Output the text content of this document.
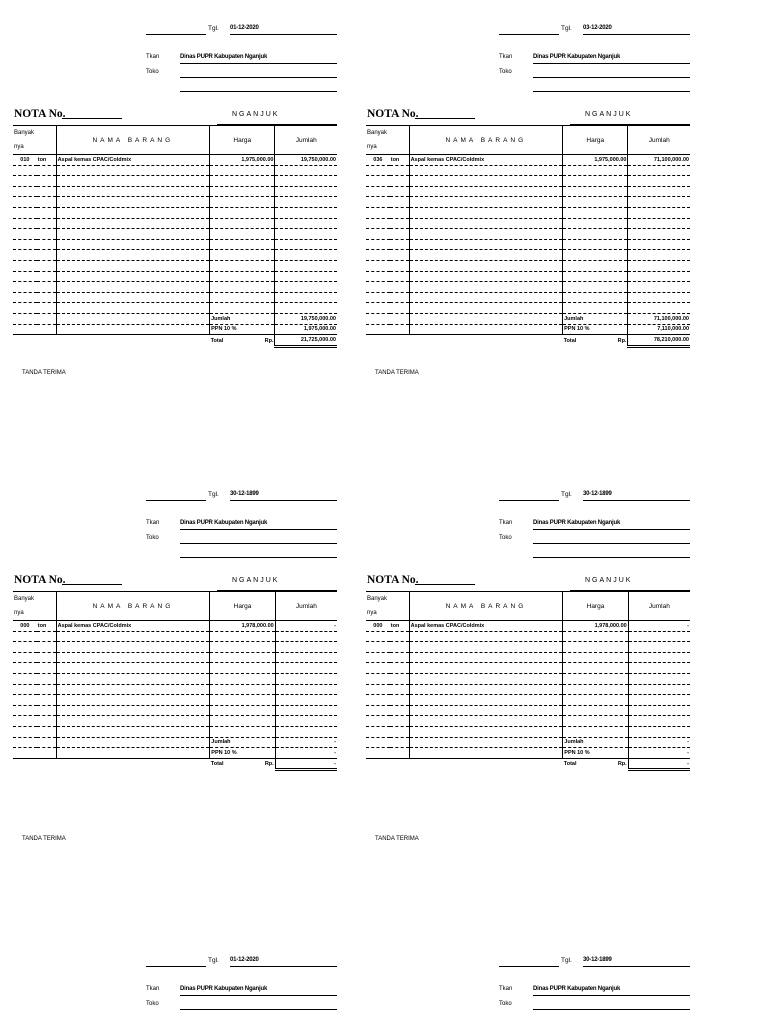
Tgl. 01-12-2020
Tkan	Dinas PUPR Kabupaten Nganjuk
Toko
NOTA No.	NGANJUK
Banyak
nya		NAMA BARANG	Harga	Jumlah
010	ton	Aspal kemas CPAC/Coldmix	1,975,000.00	19,750,000.00

			Jumlah	19,750,000.00
			PPN 10 %	1,975,000.00
			Total Rp.	21,725,000.00
TANDA TERIMA
Tgl. 03-12-2020
Tkan	Dinas PUPR Kabupaten Nganjuk
Toko
NOTA No.	NGANJUK
Banyak
nya		NAMA BARANG	Harga	Jumlah
036	ton	Aspal kemas CPAC/Coldmix	1,975,000.00	71,100,000.00

			Jumlah	71,100,000.00
			PPN 10 %	7,110,000.00
			Total Rp.	78,210,000.00
TANDA TERIMA
Tgl. 30-12-1899
Tkan	Dinas PUPR Kabupaten Nganjuk
Toko
NOTA No.	NGANJUK
Banyak
nya		NAMA BARANG	Harga	Jumlah
000	ton	Aspal kemas CPAC/Coldmix	1,978,000.00	-

			Jumlah	-
			PPN 10 %	-
			Total Rp.	-
TANDA TERIMA
Tgl. 30-12-1899
Tkan	Dinas PUPR Kabupaten Nganjuk
Toko
NOTA No.	NGANJUK
Banyak
nya		NAMA BARANG	Harga	Jumlah
000	ton	Aspal kemas CPAC/Coldmix	1,978,000.00	-

			Jumlah	-
			PPN 10 %	-
			Total Rp.	-
TANDA TERIMA
Tgl. 01-12-2020
Tkan	Dinas PUPR Kabupaten Nganjuk
Toko
Tgl. 30-12-1899
Tkan	Dinas PUPR Kabupaten Nganjuk
Toko
